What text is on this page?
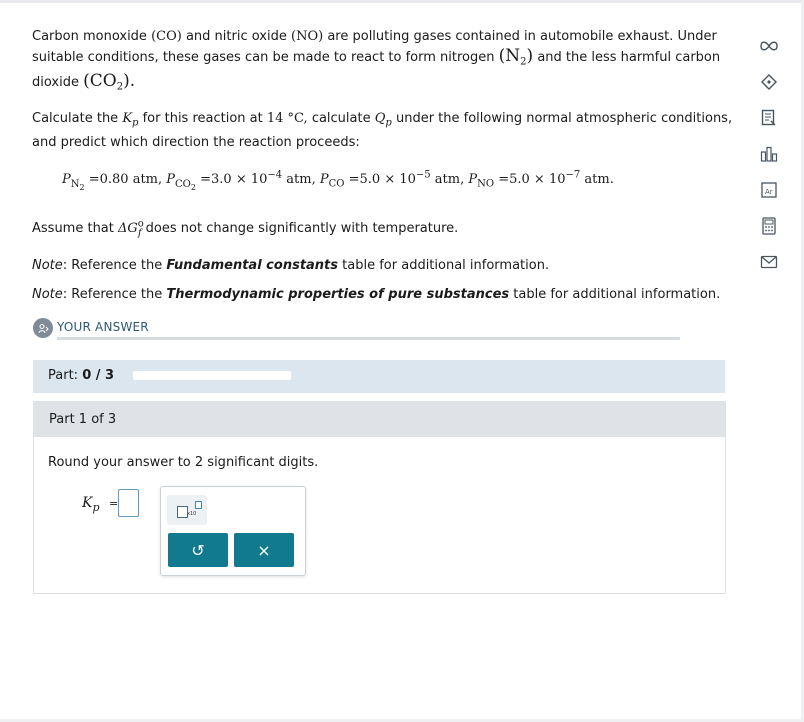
Carbon monoxide (CO) and nitric oxide (NO) are polluting gases contained in automobile exhaust. Under
suitable conditions, these gases can be made to react to form nitrogen $(N_2)$ and the less harmful carbon
dioxide $(CO_2)$.
Calculate the $K_p$ for this reaction at 14 °C, calculate $Q_p$ under the following normal atmospheric conditions,
and predict which direction the reaction proceeds:
$P_{N_2} =0.80$ atm, $P_{CO_2} =3.0 \times 10^{-4}$ atm, $P_{CO} =5.0 \times 10^{-5}$ atm, $P_{NO} =5.0 \times 10^{-7}$ atm.
Assume that $\Delta G^o_f$ does not change significantly with temperature.
Note: Reference the Fundamental constants table for additional information.
Note: Reference the Thermodynamic properties of pure substances table for additional information.
Ar
YOUR ANSWER
Part: 0 / 3
Part 1 of 3
Round your answer to 2 significant digits.
$K_p$ =
x10
↺	×
